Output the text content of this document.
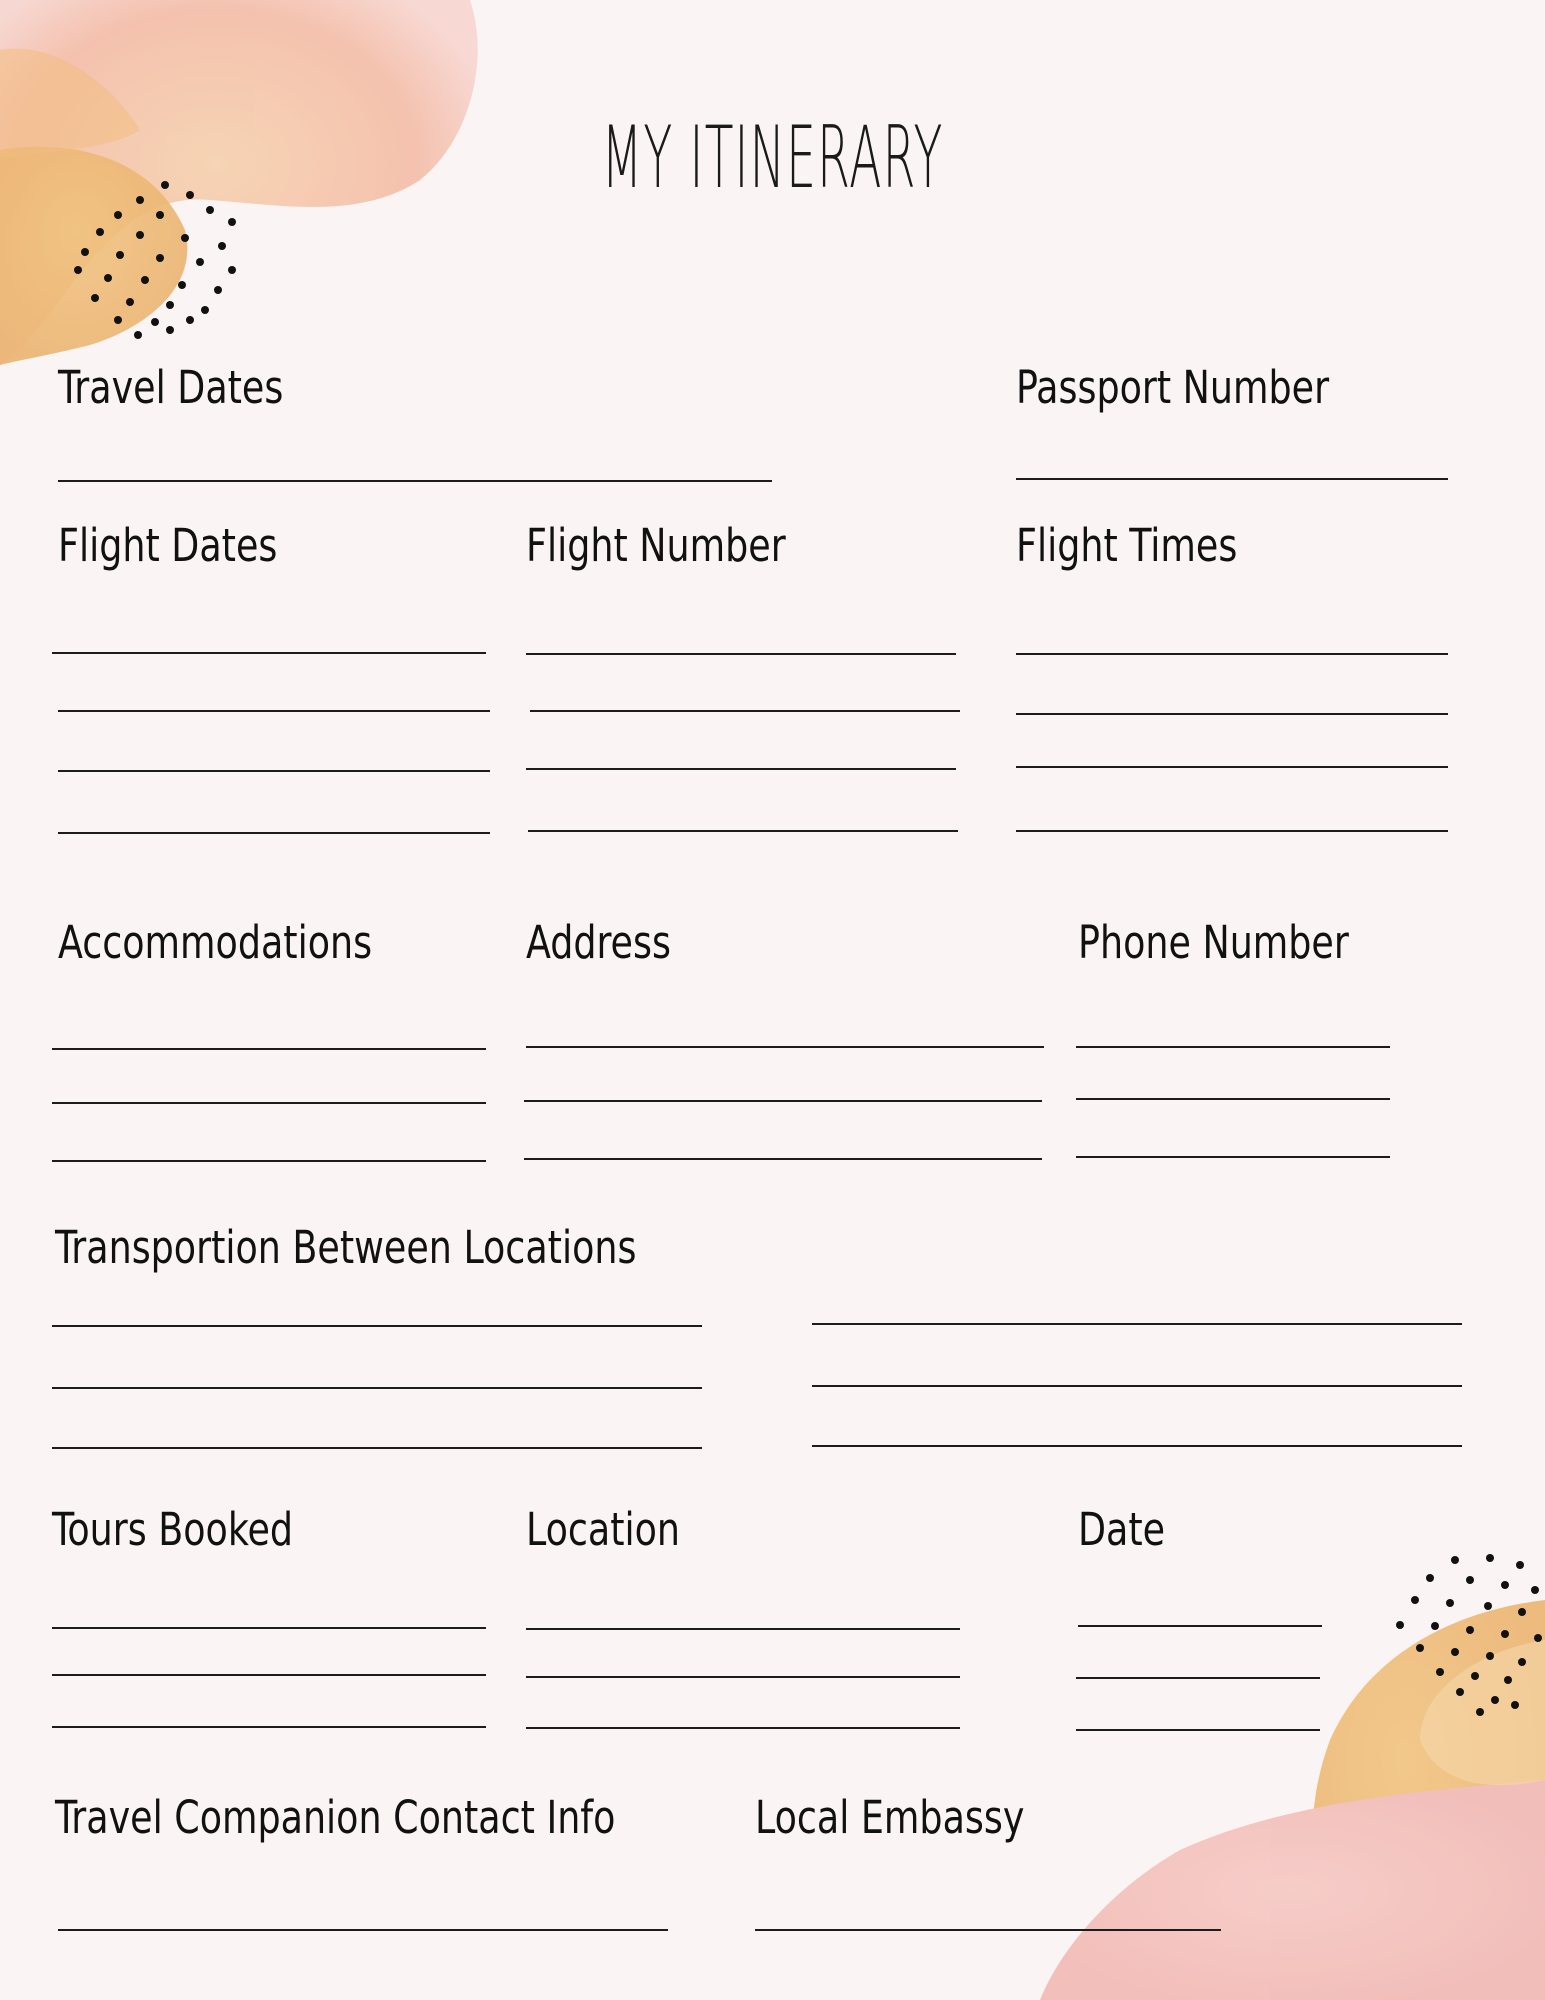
MY ITINERARY
Travel Dates	Passport Number
Flight Dates	Flight Number	Flight Times
Accommodations	Address	Phone Number
Transportion Between Locations
Tours Booked	Location	Date
Travel Companion Contact Info	Local Embassy
